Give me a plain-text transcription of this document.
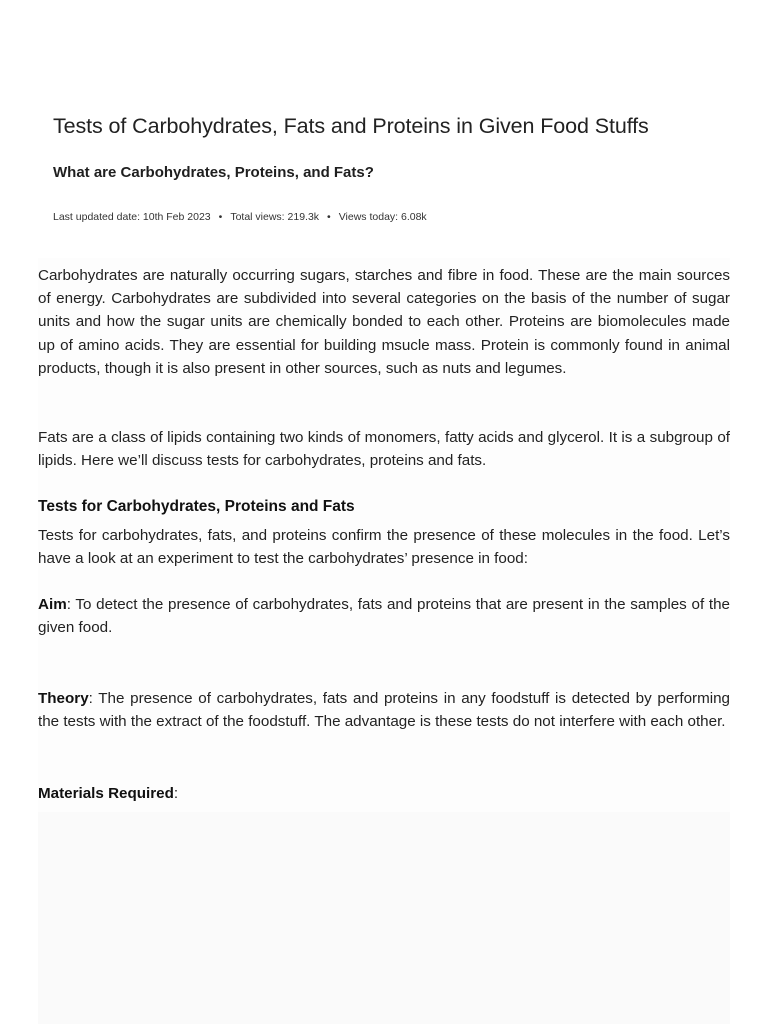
Tests of Carbohydrates, Fats and Proteins in Given Food Stuffs
What are Carbohydrates, Proteins, and Fats?
Last updated date: 10th Feb 2023 • Total views: 219.3k • Views today: 6.08k

Carbohydrates are naturally occurring sugars, starches and fibre in food. These are the main sources of energy. Carbohydrates are subdivided into several categories on the basis of the number of sugar units and how the sugar units are chemically bonded to each other. Proteins are biomolecules made up of amino acids. They are essential for building msucle mass. Protein is commonly found in animal products, though it is also present in other sources, such as nuts and legumes.

Fats are a class of lipids containing two kinds of monomers, fatty acids and glycerol. It is a subgroup of lipids. Here we’ll discuss tests for carbohydrates, proteins and fats.

Tests for Carbohydrates, Proteins and Fats

Tests for carbohydrates, fats, and proteins confirm the presence of these molecules in the food. Let’s have a look at an experiment to test the carbohydrates’ presence in food:

Aim: To detect the presence of carbohydrates, fats and proteins that are present in the samples of the given food.

Theory: The presence of carbohydrates, fats and proteins in any foodstuff is detected by performing the tests with the extract of the foodstuff. The advantage is these tests do not interfere with each other.

Materials Required:
